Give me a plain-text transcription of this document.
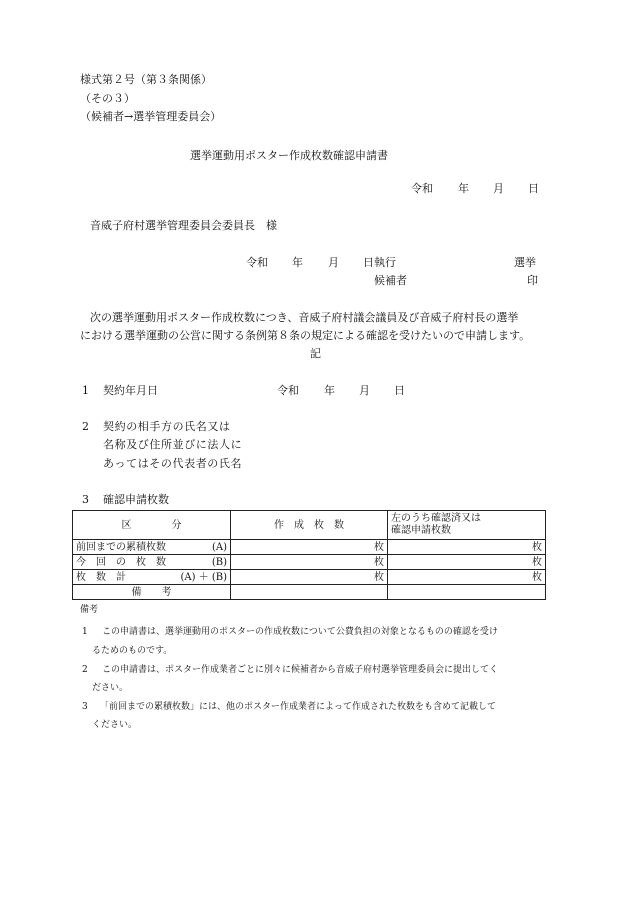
様式第２号（第３条関係）
（その３）
（候補者→選挙管理委員会）
選挙運動用ポスター作成枚数確認申請書
令和 年 月 日
音威子府村選挙管理委員会委員長　様
令和 年 月 日執行	選挙
候補者	印
次の選挙運動用ポスター作成枚数につき、音威子府村議会議員及び音威子府村長の選挙
における選挙運動の公営に関する条例第８条の規定による確認を受けたいので申請します。
記
1 契約年月日	令和 年 月 日
2 契約の相手方の氏名又は
名称及び住所並びに法人に
あってはその代表者の氏名
3 確認申請枚数
区　　　　分	作　成　枚　数	左のうち確認済又は
確認申請枚数

前回までの累積枚数 (A)	枚	枚

今　回　の　枚　数 (B)	枚	枚

枚　数　計 (A) ＋ (B)	枚	枚
備　　考		
備考
1 この申請書は、選挙運動用のポスターの作成枚数について公費負担の対象となるものの確認を受け
るためのものです。
2 この申請書は、ポスター作成業者ごとに別々に候補者から音威子府村選挙管理委員会に提出してく
ださい。
3 「前回までの累積枚数」には、他のポスター作成業者によって作成された枚数をも含めて記載して
ください。
